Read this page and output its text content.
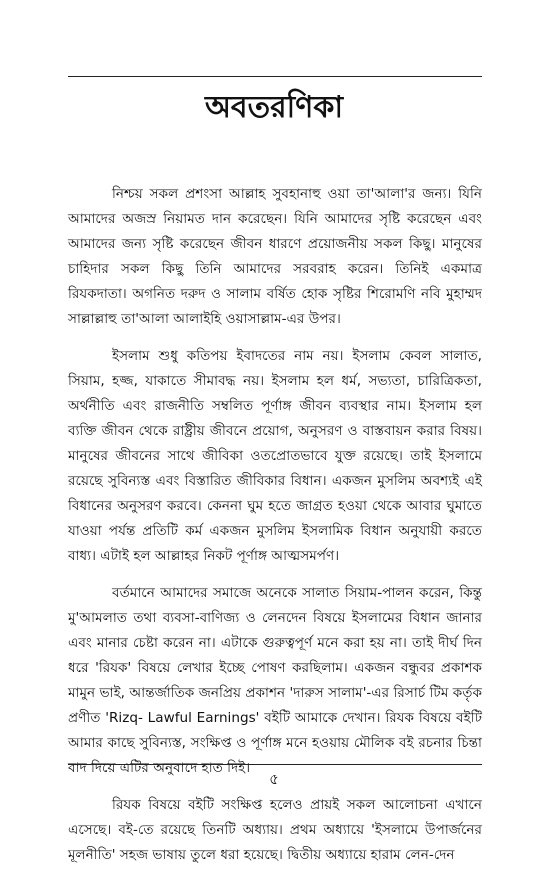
অবতরণিকা

নিশ্চয় সকল প্রশংসা আল্লাহ সুবহানাহু ওয়া তা'আলা'র জন্য। যিনি আমাদের অজস্র নিয়ামত দান করেছেন। যিনি আমাদের সৃষ্টি করেছেন এবং আমাদের জন্য সৃষ্টি করেছেন জীবন ধারণে প্রয়োজনীয় সকল কিছু। মানুষের চাহিদার সকল কিছু তিনি আমাদের সরবরাহ করেন। তিনিই একমাত্র রিযকদাতা। অগনিত দরুদ ও সালাম বর্ষিত হোক সৃষ্টির শিরোমণি নবি মুহাম্মদ সাল্লাল্লাহু তা'আলা আলাইহি ওয়াসাল্লাম-এর উপর।

ইসলাম শুধু কতিপয় ইবাদতের নাম নয়। ইসলাম কেবল সালাত, সিয়াম, হজ্জ, যাকাতে সীমাবদ্ধ নয়। ইসলাম হল ধর্ম, সভ্যতা, চারিত্রিকতা, অর্থনীতি এবং রাজনীতি সম্বলিত পূর্ণাঙ্গ জীবন ব্যবস্থার নাম। ইসলাম হল ব্যক্তি জীবন থেকে রাষ্ট্রীয় জীবনে প্রয়োগ, অনুসরণ ও বাস্তবায়ন করার বিষয়। মানুষের জীবনের সাথে জীবিকা ওতপ্রোতভাবে যুক্ত রয়েছে। তাই ইসলামে রয়েছে সুবিন্যস্ত এবং বিস্তারিত জীবিকার বিধান। একজন মুসলিম অবশ্যই এই বিধানের অনুসরণ করবে। কেননা ঘুম হতে জাগ্রত হওয়া থেকে আবার ঘুমাতে যাওয়া পর্যন্ত প্রতিটি কর্ম একজন মুসলিম ইসলামিক বিধান অনুযায়ী করতে বাধ্য। এটাই হল আল্লাহর নিকট পূর্ণাঙ্গ আত্মসমর্পণ।

বর্তমানে আমাদের সমাজে অনেকে সালাত সিয়াম-পালন করেন, কিন্তু মু'আমলাত তথা ব্যবসা-বাণিজ্য ও লেনদেন বিষয়ে ইসলামের বিধান জানার এবং মানার চেষ্টা করেন না। এটাকে গুরুত্বপূর্ণ মনে করা হয় না। তাই দীর্ঘ দিন ধরে 'রিযক' বিষয়ে লেখার ইচ্ছে পোষণ করছিলাম। একজন বন্ধুবর প্রকাশক মামুন ভাই, আন্তর্জাতিক জনপ্রিয় প্রকাশন 'দারুস সালাম'-এর রিসার্চ টিম কর্তৃক প্রণীত 'Rizq- Lawful Earnings' বইটি আমাকে দেখান। রিযক বিষয়ে বইটি আমার কাছে সুবিন্যস্ত, সংক্ষিপ্ত ও পূর্ণাঙ্গ মনে হওয়ায় মৌলিক বই রচনার চিন্তা বাদ দিয়ে এটির অনুবাদে হাত দিই।

রিযক বিষয়ে বইটি সংক্ষিপ্ত হলেও প্রায়ই সকল আলোচনা এখানে এসেছে। বই-তে রয়েছে তিনটি অধ্যায়। প্রথম অধ্যায়ে 'ইসলামে উপার্জনের মূলনীতি' সহজ ভাষায় তুলে ধরা হয়েছে। দ্বিতীয় অধ্যায়ে হারাম লেন-দেন

৫
